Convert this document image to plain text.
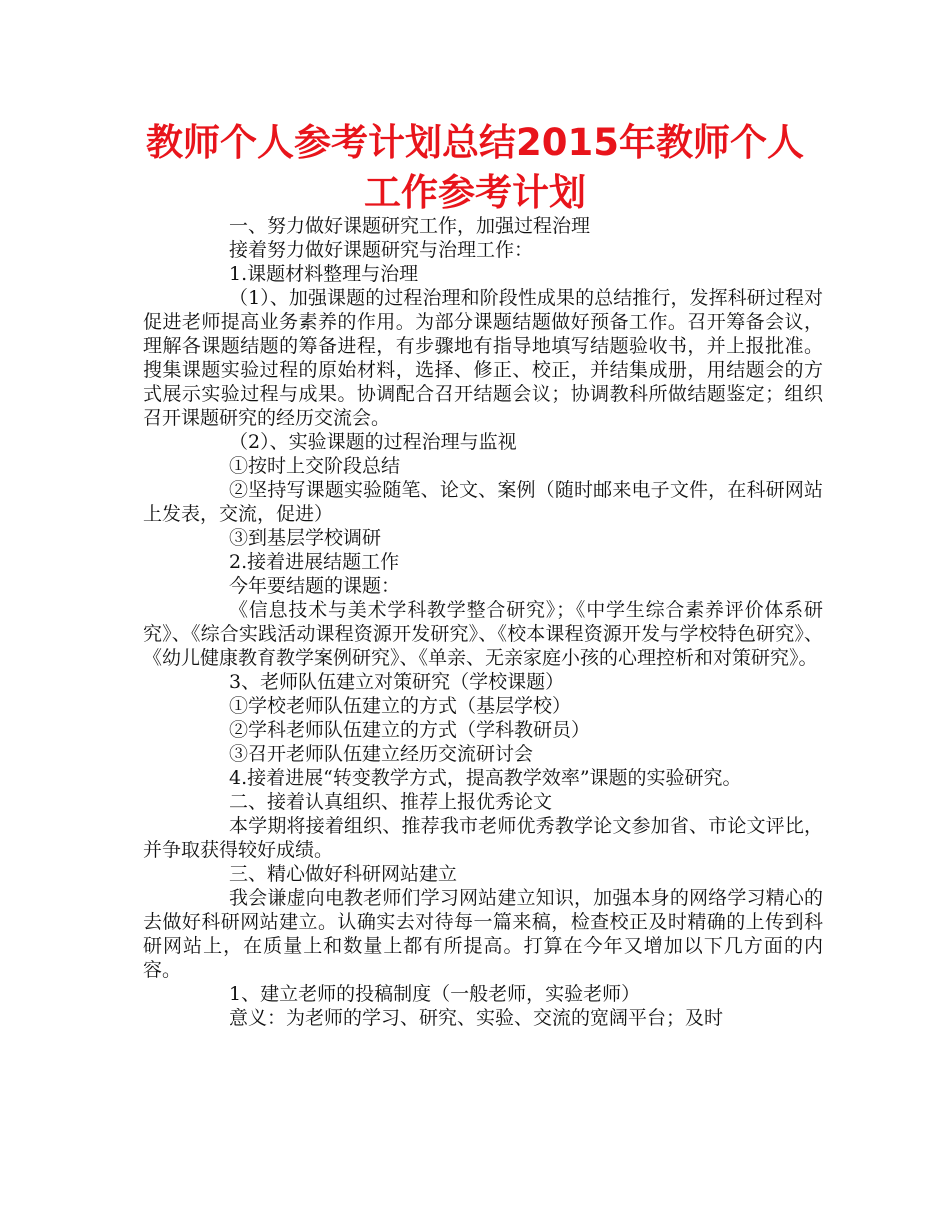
教师个人参考计划总结2015年教师个人工作参考计划

一、努力做好课题研究工作，加强过程治理

接着努力做好课题研究与治理工作：

1.课题材料整理与治理

（1）、加强课题的过程治理和阶段性成果的总结推行，发挥科研过程对促进老师提高业务素养的作用。为部分课题结题做好预备工作。召开筹备会议，理解各课题结题的筹备进程，有步骤地有指导地填写结题验收书，并上报批准。搜集课题实验过程的原始材料，选择、修正、校正，并结集成册，用结题会的方式展示实验过程与成果。协调配合召开结题会议；协调教科所做结题鉴定；组织召开课题研究的经历交流会。

（2）、实验课题的过程治理与监视

①按时上交阶段总结

②坚持写课题实验随笔、论文、案例（随时邮来电子文件，在科研网站上发表，交流，促进）

③到基层学校调研

2.接着进展结题工作

今年要结题的课题：

《信息技术与美术学科教学整合研究》；《中学生综合素养评价体系研究》、《综合实践活动课程资源开发研究》、《校本课程资源开发与学校特色研究》、《幼儿健康教育教学案例研究》、《单亲、无亲家庭小孩的心理控析和对策研究》。

3、老师队伍建立对策研究（学校课题）

①学校老师队伍建立的方式（基层学校）

②学科老师队伍建立的方式（学科教研员）

③召开老师队伍建立经历交流研讨会

4.接着进展“转变教学方式，提高教学效率”课题的实验研究。

二、接着认真组织、推荐上报优秀论文

本学期将接着组织、推荐我市老师优秀教学论文参加省、市论文评比，并争取获得较好成绩。

三、精心做好科研网站建立

我会谦虚向电教老师们学习网站建立知识，加强本身的网络学习精心的去做好科研网站建立。认确实去对待每一篇来稿，检查校正及时精确的上传到科研网站上，在质量上和数量上都有所提高。打算在今年又增加以下几方面的内容。

1、建立老师的投稿制度（一般老师，实验老师）

意义：为老师的学习、研究、实验、交流的宽阔平台；及时
